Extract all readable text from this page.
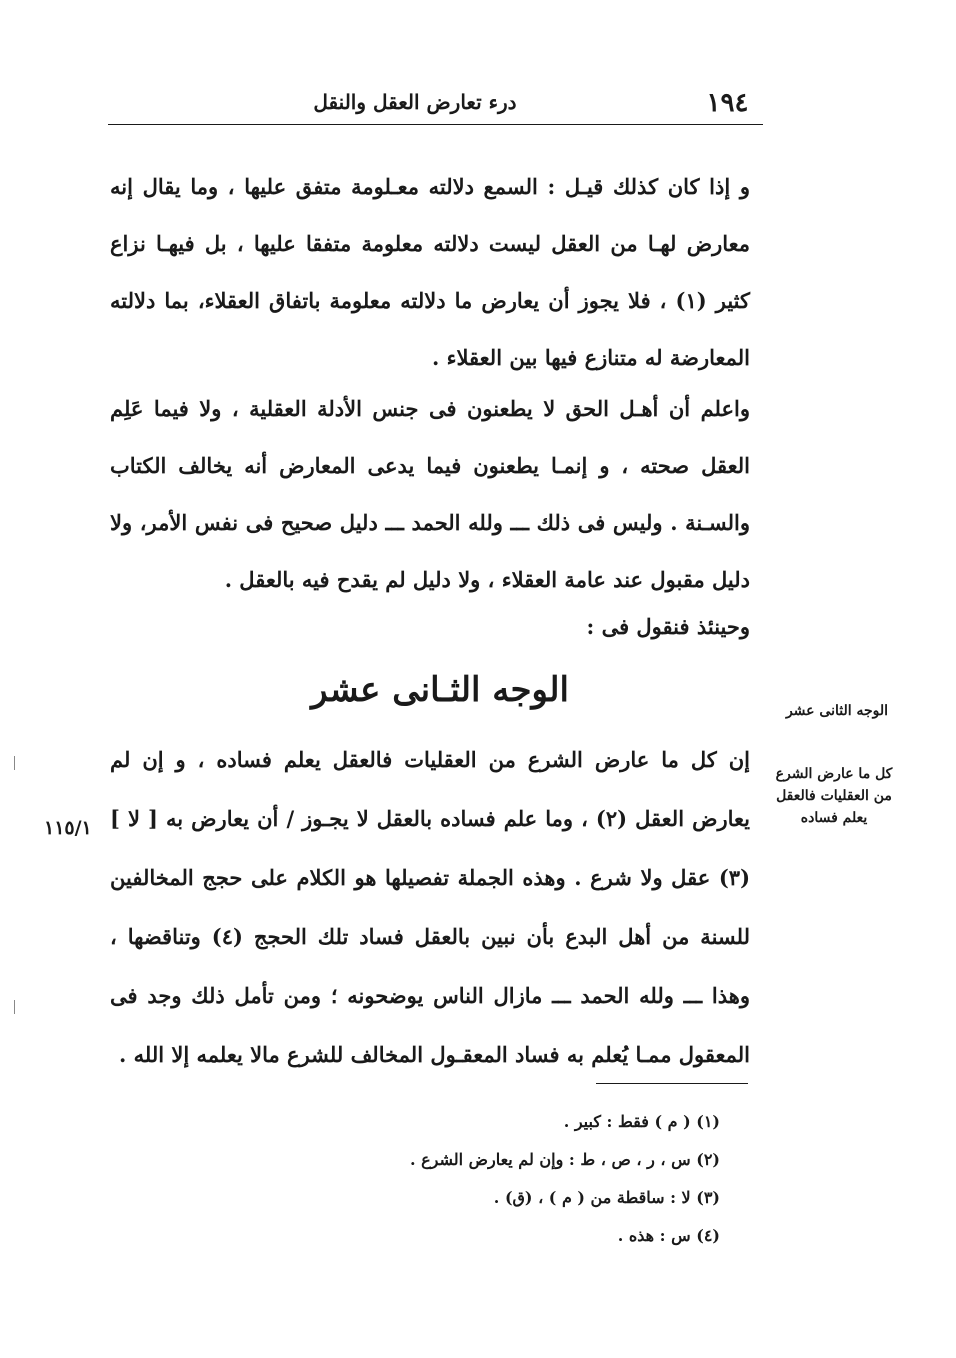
١٩٤
درء تعارض العقل والنقل

و إذا كان كذلك قيـل : السمع دلالته معـلومة متفق عليها ، وما يقال إنه معارض لهـا من العقل ليست دلالته معلومة متفقا عليها ، بل فيهـا نزاع كثير (١) ، فلا يجوز أن يعارض ما دلالته معلومة باتفاق العقلاء، بما دلالته المعارضة له متنازع فيها بين العقلاء .

واعلم أن أهـل الحق لا يطعنون فى جنس الأدلة العقلية ، ولا فيما عَلِم العقل صحته ، و إنمـا يطعنون فيما يدعى المعارض أنه يخالف الكتاب والسـنة . وليس فى ذلك ـــ ولله الحمد ـــ دليل صحيح فى نفس الأمر، ولا دليل مقبول عند عامة العقلاء ، ولا دليل لم يقدح فيه بالعقل .

وحينئذ فنقول فى :

الوجه الثـانى عشر
الوجه الثانى عشر
كل ما عارض الشرع من العقليات فالعقل يعلم فساده

إن كل ما عارض الشرع من العقليات فالعقل يعلم فساده ، و إن لم يعارض العقل (٢) ، وما علم فساده بالعقل لا يجـوز / أن يعارض به [ لا ] (٣) عقل ولا شرع . وهذه الجملة تفصيلها هو الكلام على حجج المخالفين للسنة من أهل البدع بأن نبين بالعقل فساد تلك الحجج (٤) وتناقضها ، وهذا ـــ ولله الحمد ـــ مازال الناس يوضحونه ؛ ومن تأمل ذلك وجد فى المعقول ممـا يُعلم به فساد المعقـول المخالف للشرع مالا يعلمه إلا الله .

١١٥/١
(١) ( م ) فقط : كبير .
(٢) س ، ر ، ص ، ط : وإن لم يعارض الشرع .
(٣) لا : ساقطة من ( م ) ، (ق) .
(٤) س : هذه .
